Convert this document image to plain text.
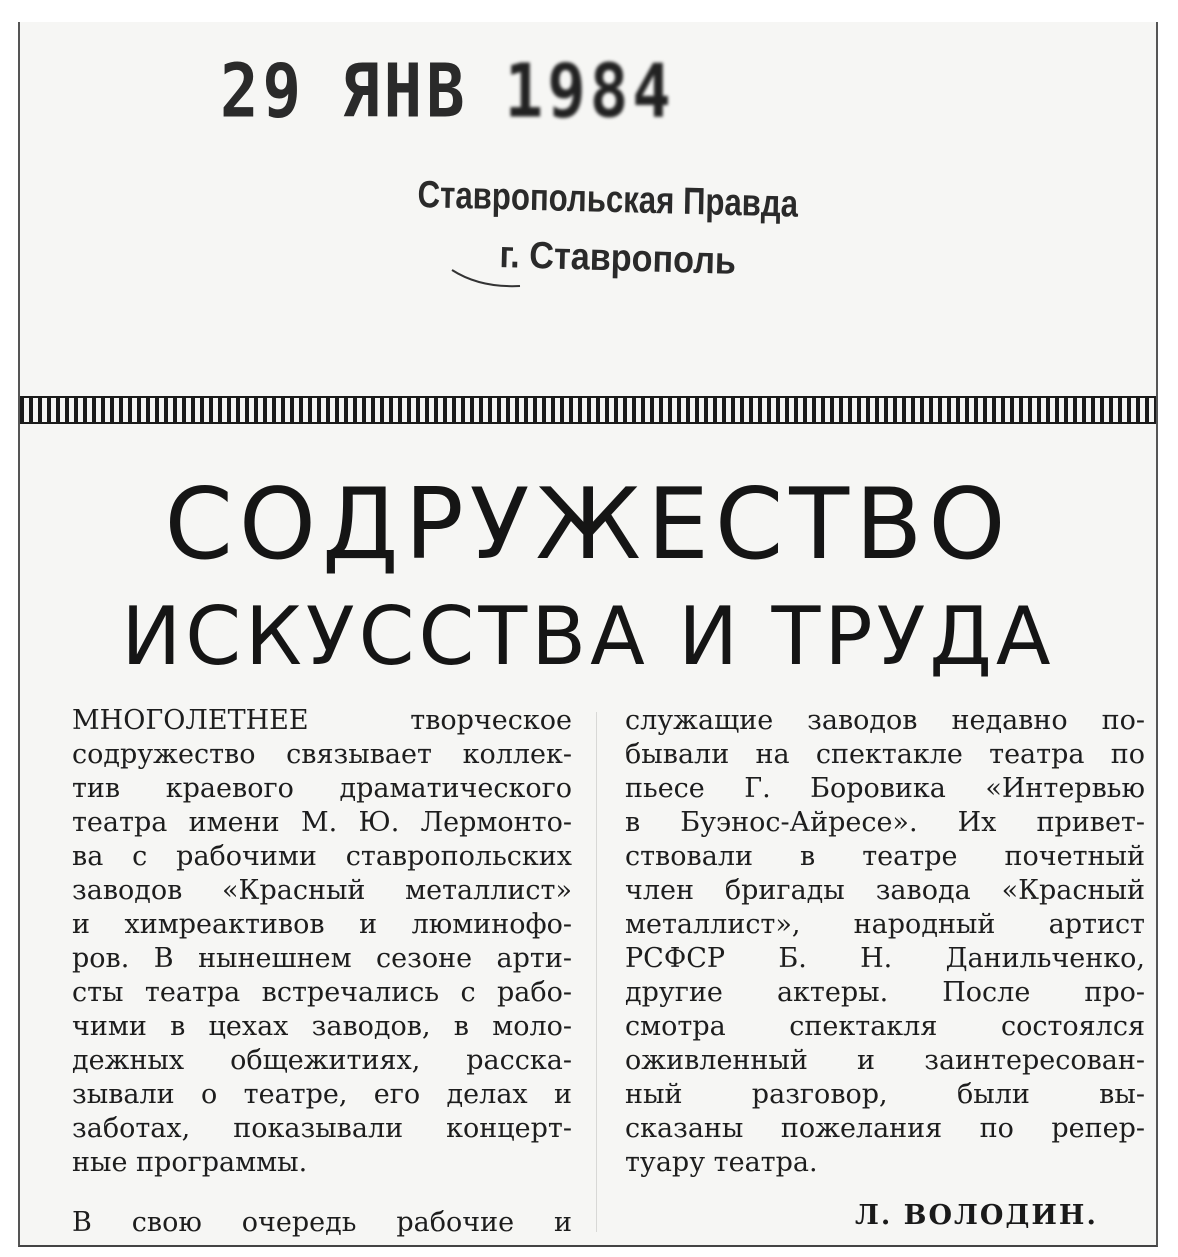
29 ЯНВ 1984
Ставропольская Правда
г. Ставрополь
СОДРУЖЕСТВО
ИСКУССТВА И ТРУДА
МНОГОЛЕТНЕЕ творческое
содружество связывает коллек-
тив краевого драматического
театра имени М. Ю. Лермонто-
ва с рабочими ставропольских
заводов «Красный металлист»
и химреактивов и люминофо-
ров. В нынешнем сезоне арти-
сты театра встречались с рабо-
чими в цехах заводов, в моло-
дежных общежитиях, расска-
зывали о театре, его делах и
заботах, показывали концерт-
ные программы.
В свою очередь рабочие и
служащие заводов недавно по-
бывали на спектакле театра по
пьесе Г. Боровика «Интервью
в Буэнос-Айресе». Их привет-
ствовали в театре почетный
член бригады завода «Красный
металлист», народный артист
РСФСР Б. Н. Данильченко,
другие актеры. После про-
смотра спектакля состоялся
оживленный и заинтересован-
ный разговор, были вы-
сказаны пожелания по репер-
туару театра.
Л. ВОЛОДИН.
